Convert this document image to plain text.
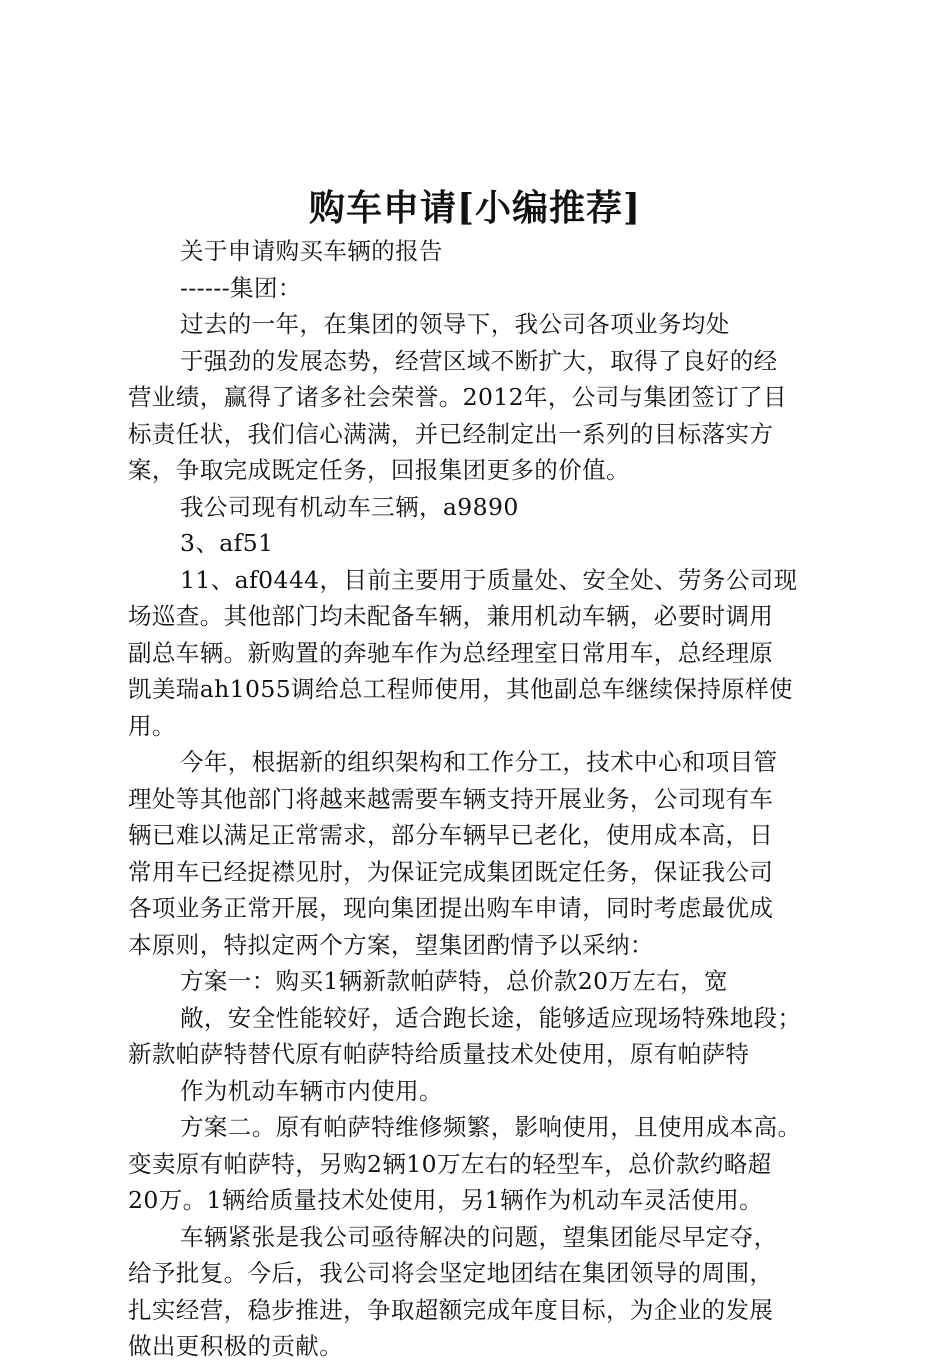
购车申请[小编推荐]
关于申请购买车辆的报告
------集团：
过去的一年，在集团的领导下，我公司各项业务均处
于强劲的发展态势，经营区域不断扩大，取得了良好的经
营业绩，赢得了诸多社会荣誉。2012年，公司与集团签订了目
标责任状，我们信心满满，并已经制定出一系列的目标落实方
案，争取完成既定任务，回报集团更多的价值。
我公司现有机动车三辆，a9890
3、af51
11、af0444，目前主要用于质量处、安全处、劳务公司现
场巡查。其他部门均未配备车辆，兼用机动车辆，必要时调用
副总车辆。新购置的奔驰车作为总经理室日常用车，总经理原
凯美瑞ah1055调给总工程师使用，其他副总车继续保持原样使
用。
今年，根据新的组织架构和工作分工，技术中心和项目管
理处等其他部门将越来越需要车辆支持开展业务，公司现有车
辆已难以满足正常需求，部分车辆早已老化，使用成本高，日
常用车已经捉襟见肘，为保证完成集团既定任务，保证我公司
各项业务正常开展，现向集团提出购车申请，同时考虑最优成
本原则，特拟定两个方案，望集团酌情予以采纳：
方案一：购买1辆新款帕萨特，总价款20万左右，宽
敞，安全性能较好，适合跑长途，能够适应现场特殊地段；
新款帕萨特替代原有帕萨特给质量技术处使用，原有帕萨特
作为机动车辆市内使用。
方案二。原有帕萨特维修频繁，影响使用，且使用成本高。
变卖原有帕萨特，另购2辆10万左右的轻型车，总价款约略超
20万。1辆给质量技术处使用，另1辆作为机动车灵活使用。
车辆紧张是我公司亟待解决的问题，望集团能尽早定夺，
给予批复。今后，我公司将会坚定地团结在集团领导的周围，
扎实经营，稳步推进，争取超额完成年度目标，为企业的发展
做出更积极的贡献。
